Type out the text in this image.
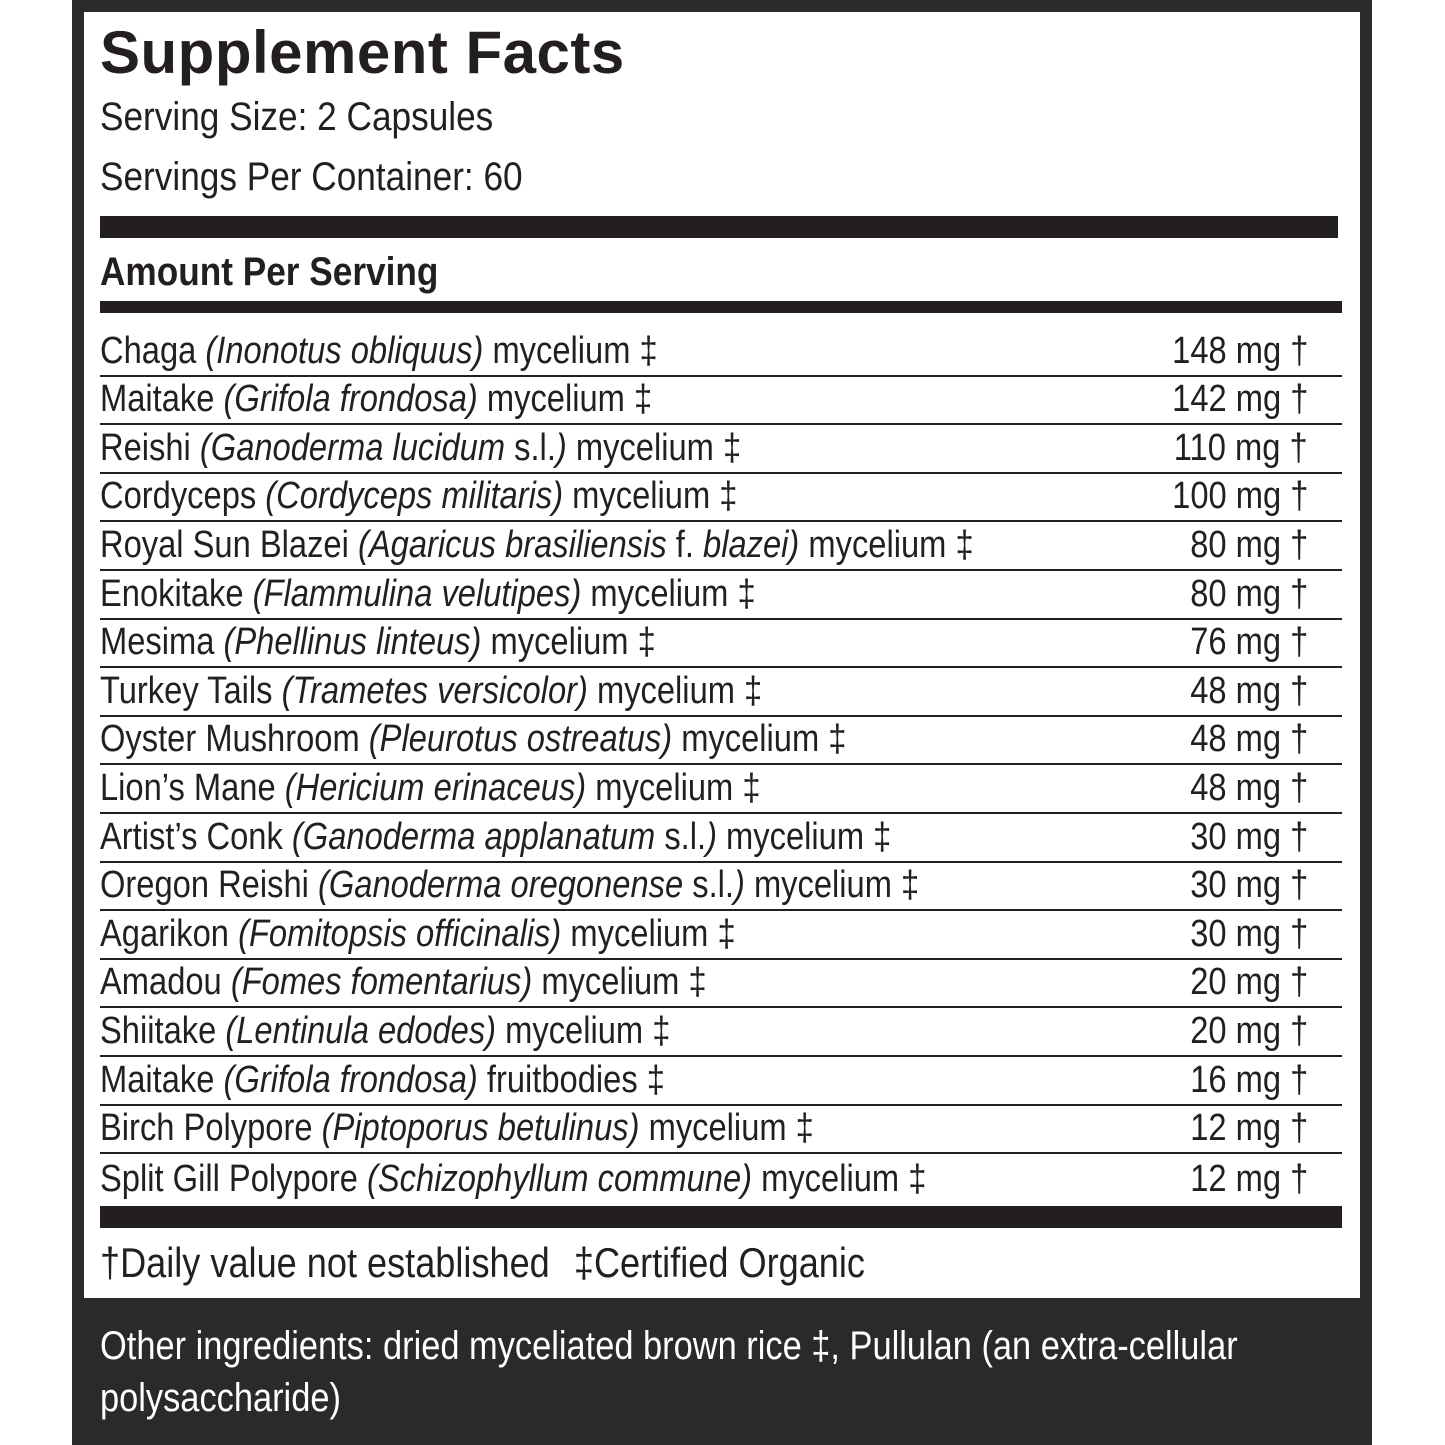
Supplement Facts
Serving Size: 2 Capsules
Servings Per Container: 60
Amount Per Serving
Chaga (Inonotus obliquus) mycelium ‡	148 mg †
Maitake (Grifola frondosa) mycelium ‡	142 mg †
Reishi (Ganoderma lucidum s.l.) mycelium ‡	110 mg †
Cordyceps (Cordyceps militaris) mycelium ‡	100 mg †
Royal Sun Blazei (Agaricus brasiliensis f. blazei) mycelium ‡	80 mg †
Enokitake (Flammulina velutipes) mycelium ‡	80 mg †
Mesima (Phellinus linteus) mycelium ‡	76 mg †
Turkey Tails (Trametes versicolor) mycelium ‡	48 mg †
Oyster Mushroom (Pleurotus ostreatus) mycelium ‡	48 mg †
Lion’s Mane (Hericium erinaceus) mycelium ‡	48 mg †
Artist’s Conk (Ganoderma applanatum s.l.) mycelium ‡	30 mg †
Oregon Reishi (Ganoderma oregonense s.l.) mycelium ‡	30 mg †
Agarikon (Fomitopsis officinalis) mycelium ‡	30 mg †
Amadou (Fomes fomentarius) mycelium ‡	20 mg †
Shiitake (Lentinula edodes) mycelium ‡	20 mg †
Maitake (Grifola frondosa) fruitbodies ‡	16 mg †
Birch Polypore (Piptoporus betulinus) mycelium ‡	12 mg †
Split Gill Polypore (Schizophyllum commune) mycelium ‡	12 mg †
†Daily value not established ‡Certified Organic

Other ingredients: dried myceliated brown rice ‡, Pullulan (an extra-cellular polysaccharide)
